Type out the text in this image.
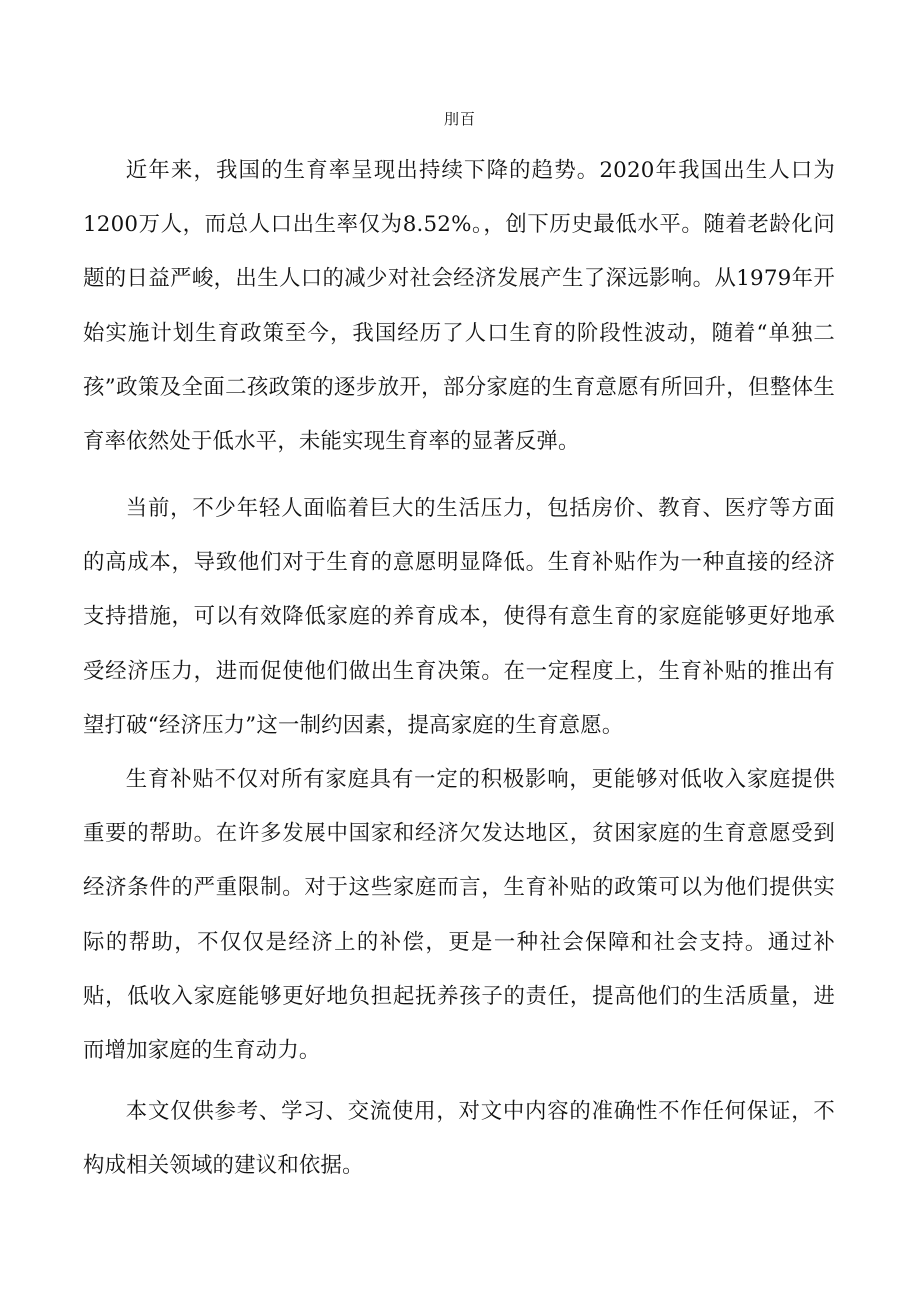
刖百

近年来，我国的生育率呈现出持续下降的趋势。2020年我国出生人口为1200万人，而总人口出生率仅为8.52%。，创下历史最低水平。随着老龄化问题的日益严峻，出生人口的减少对社会经济发展产生了深远影响。从1979年开始实施计划生育政策至今，我国经历了人口生育的阶段性波动，随着“单独二孩”政策及全面二孩政策的逐步放开，部分家庭的生育意愿有所回升，但整体生育率依然处于低水平，未能实现生育率的显著反弹。

当前，不少年轻人面临着巨大的生活压力，包括房价、教育、医疗等方面的高成本，导致他们对于生育的意愿明显降低。生育补贴作为一种直接的经济支持措施，可以有效降低家庭的养育成本，使得有意生育的家庭能够更好地承受经济压力，进而促使他们做出生育决策。在一定程度上，生育补贴的推出有望打破“经济压力”这一制约因素，提高家庭的生育意愿。

生育补贴不仅对所有家庭具有一定的积极影响，更能够对低收入家庭提供重要的帮助。在许多发展中国家和经济欠发达地区，贫困家庭的生育意愿受到经济条件的严重限制。对于这些家庭而言，生育补贴的政策可以为他们提供实际的帮助，不仅仅是经济上的补偿，更是一种社会保障和社会支持。通过补贴，低收入家庭能够更好地负担起抚养孩子的责任，提高他们的生活质量，进而增加家庭的生育动力。

本文仅供参考、学习、交流使用，对文中内容的准确性不作任何保证，不构成相关领域的建议和依据。
